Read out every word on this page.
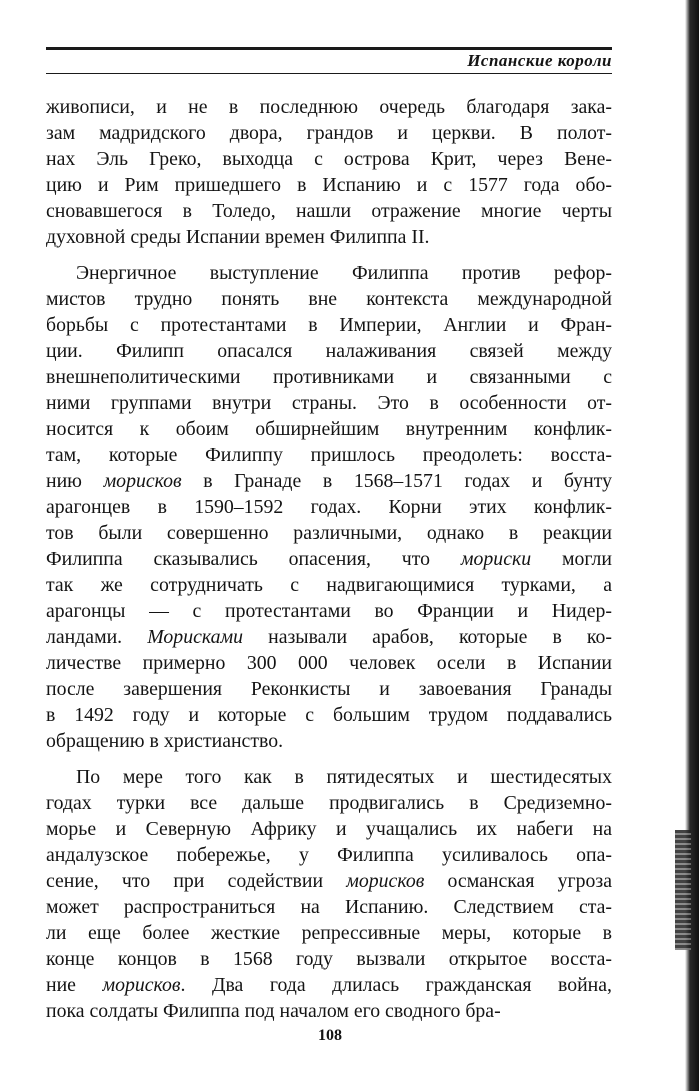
Испанские короли
живописи, и не в последнюю очередь благодаря зака-
зам мадридского двора, грандов и церкви. В полот-
нах Эль Греко, выходца с острова Крит, через Вене-
цию и Рим пришедшего в Испанию и с 1577 года обо-
сновавшегося в Толедо, нашли отражение многие черты
духовной среды Испании времен Филиппа II.
Энергичное выступление Филиппа против рефор-
мистов трудно понять вне контекста международной
борьбы с протестантами в Империи, Англии и Фран-
ции. Филипп опасался налаживания связей между
внешнеполитическими противниками и связанными с
ними группами внутри страны. Это в особенности от-
носится к обоим обширнейшим внутренним конфлик-
там, которые Филиппу пришлось преодолеть: восста-
нию морисков в Гранаде в 1568–1571 годах и бунту
арагонцев в 1590–1592 годах. Корни этих конфлик-
тов были совершенно различными, однако в реакции
Филиппа сказывались опасения, что мориски могли
так же сотрудничать с надвигающимися турками, а
арагонцы — с протестантами во Франции и Нидер-
ландами. Морисками называли арабов, которые в ко-
личестве примерно 300 000 человек осели в Испании
после завершения Реконкисты и завоевания Гранады
в 1492 году и которые с большим трудом поддавались
обращению в христианство.
По мере того как в пятидесятых и шестидесятых
годах турки все дальше продвигались в Средиземно-
морье и Северную Африку и учащались их набеги на
андалузское побережье, у Филиппа усиливалось опа-
сение, что при содействии морисков османская угроза
может распространиться на Испанию. Следствием ста-
ли еще более жесткие репрессивные меры, которые в
конце концов в 1568 году вызвали открытое восста-
ние морисков. Два года длилась гражданская война,
пока солдаты Филиппа под началом его сводного бра-
108
